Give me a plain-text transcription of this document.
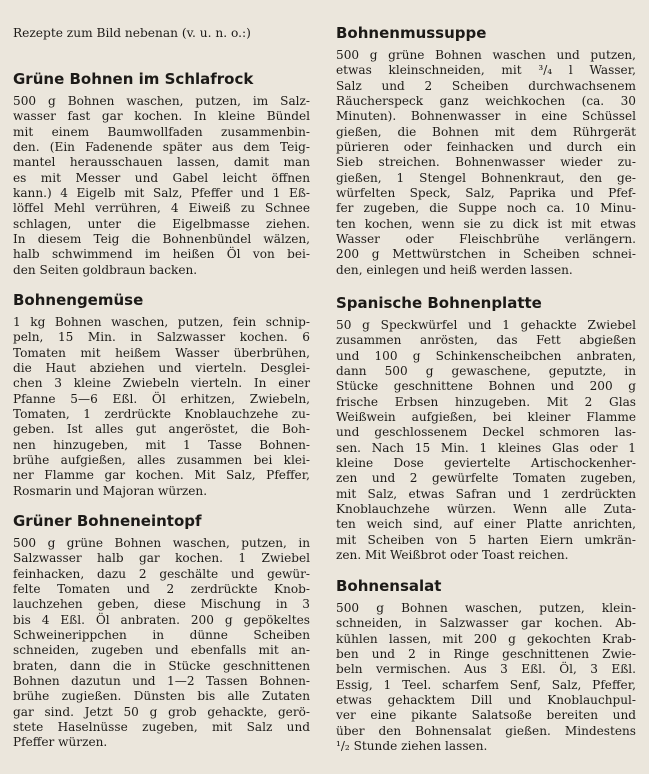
Rezepte zum Bild nebenan (v. u. n. o.:)
Grüne Bohnen im Schlafrock

500 g Bohnen waschen, putzen, im Salz-
wasser fast gar kochen. In kleine Bündel
mit einem Baumwollfaden zusammenbin-
den. (Ein Fadenende später aus dem Teig-
mantel herausschauen lassen, damit man
es mit Messer und Gabel leicht öffnen
kann.) 4 Eigelb mit Salz, Pfeffer und 1 Eß-
löffel Mehl verrühren, 4 Eiweiß zu Schnee
schlagen, unter die Eigelbmasse ziehen.
In diesem Teig die Bohnenbündel wälzen,
halb schwimmend im heißen Öl von bei-
den Seiten goldbraun backen.

Bohnengemüse

1 kg Bohnen waschen, putzen, fein schnip-
peln, 15 Min. in Salzwasser kochen. 6
Tomaten mit heißem Wasser überbrühen,
die Haut abziehen und vierteln. Desglei-
chen 3 kleine Zwiebeln vierteln. In einer
Pfanne 5—6 Eßl. Öl erhitzen, Zwiebeln,
Tomaten, 1 zerdrückte Knoblauchzehe zu-
geben. Ist alles gut angeröstet, die Boh-
nen hinzugeben, mit 1 Tasse Bohnen-
brühe aufgießen, alles zusammen bei klei-
ner Flamme gar kochen. Mit Salz, Pfeffer,
Rosmarin und Majoran würzen.

Grüner Bohneneintopf

500 g grüne Bohnen waschen, putzen, in
Salzwasser halb gar kochen. 1 Zwiebel
feinhacken, dazu 2 geschälte und gewür-
felte Tomaten und 2 zerdrückte Knob-
lauchzehen geben, diese Mischung in 3
bis 4 Eßl. Öl anbraten. 200 g gepökeltes
Schweinerippchen in dünne Scheiben
schneiden, zugeben und ebenfalls mit an-
braten, dann die in Stücke geschnittenen
Bohnen dazutun und 1—2 Tassen Bohnen-
brühe zugießen. Dünsten bis alle Zutaten
gar sind. Jetzt 50 g grob gehackte, gerö-
stete Haselnüsse zugeben, mit Salz und
Pfeffer würzen.

Bohnenmussuppe

500 g grüne Bohnen waschen und putzen,
etwas kleinschneiden, mit ³/₄ l Wasser,
Salz und 2 Scheiben durchwachsenem
Räucherspeck ganz weichkochen (ca. 30
Minuten). Bohnenwasser in eine Schüssel
gießen, die Bohnen mit dem Rührgerät
pürieren oder feinhacken und durch ein
Sieb streichen. Bohnenwasser wieder zu-
gießen, 1 Stengel Bohnenkraut, den ge-
würfelten Speck, Salz, Paprika und Pfef-
fer zugeben, die Suppe noch ca. 10 Minu-
ten kochen, wenn sie zu dick ist mit etwas
Wasser oder Fleischbrühe verlängern.
200 g Mettwürstchen in Scheiben schnei-
den, einlegen und heiß werden lassen.

Spanische Bohnenplatte

50 g Speckwürfel und 1 gehackte Zwiebel
zusammen anrösten, das Fett abgießen
und 100 g Schinkenscheibchen anbraten,
dann 500 g gewaschene, geputzte, in
Stücke geschnittene Bohnen und 200 g
frische Erbsen hinzugeben. Mit 2 Glas
Weißwein aufgießen, bei kleiner Flamme
und geschlossenem Deckel schmoren las-
sen. Nach 15 Min. 1 kleines Glas oder 1
kleine Dose geviertelte Artischockenher-
zen und 2 gewürfelte Tomaten zugeben,
mit Salz, etwas Safran und 1 zerdrückten
Knoblauchzehe würzen. Wenn alle Zuta-
ten weich sind, auf einer Platte anrichten,
mit Scheiben von 5 harten Eiern umkrän-
zen. Mit Weißbrot oder Toast reichen.

Bohnensalat

500 g Bohnen waschen, putzen, klein-
schneiden, in Salzwasser gar kochen. Ab-
kühlen lassen, mit 200 g gekochten Krab-
ben und 2 in Ringe geschnittenen Zwie-
beln vermischen. Aus 3 Eßl. Öl, 3 Eßl.
Essig, 1 Teel. scharfem Senf, Salz, Pfeffer,
etwas gehacktem Dill und Knoblauchpul-
ver eine pikante Salatsoße bereiten und
über den Bohnensalat gießen. Mindestens
¹/₂ Stunde ziehen lassen.
